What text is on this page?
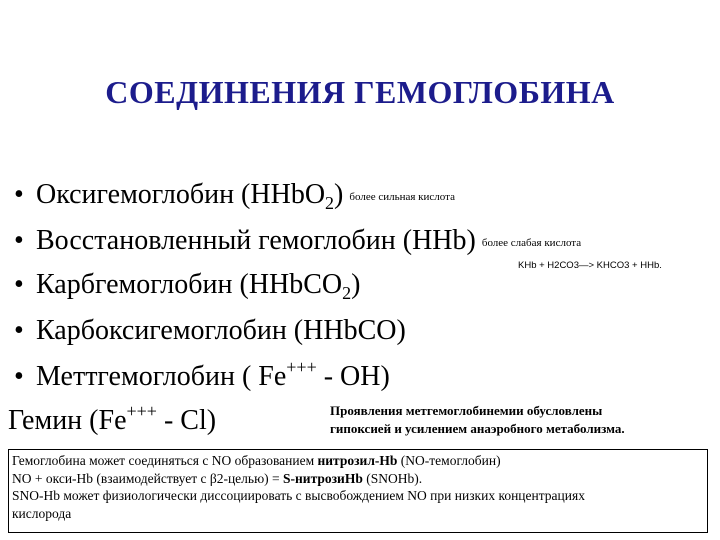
СОЕДИНЕНИЯ ГЕМОГЛОБИНА
• Оксигемоглобин (HHbO$_2$) более сильная кислота
• Восстановленный гемоглобин (HHb) более слабая кислота
KHb + H2CO3—> KHCO3 + HHb.
• Карбгемоглобин (HHbCO$_2$)
• Карбоксигемоглобин (HHbCO)
• Меттгемоглобин ( Fe+++ - OH)
Гемин (Fe+++ - Cl)	Проявления метгемоглобинемии обусловлены
гипоксией и усилением анаэробного метаболизма.
Гемоглобина может соединяться с NO образованием нитрозил-Hb (NO-темоглобин)
NO + окси-Hb (взаимодействует с β2-целью) = S-нитрозиHb (SNOHb).
SNO-Hb может физиологически диссоциировать с высвобождением NO при низких концентрациях
кислорода
